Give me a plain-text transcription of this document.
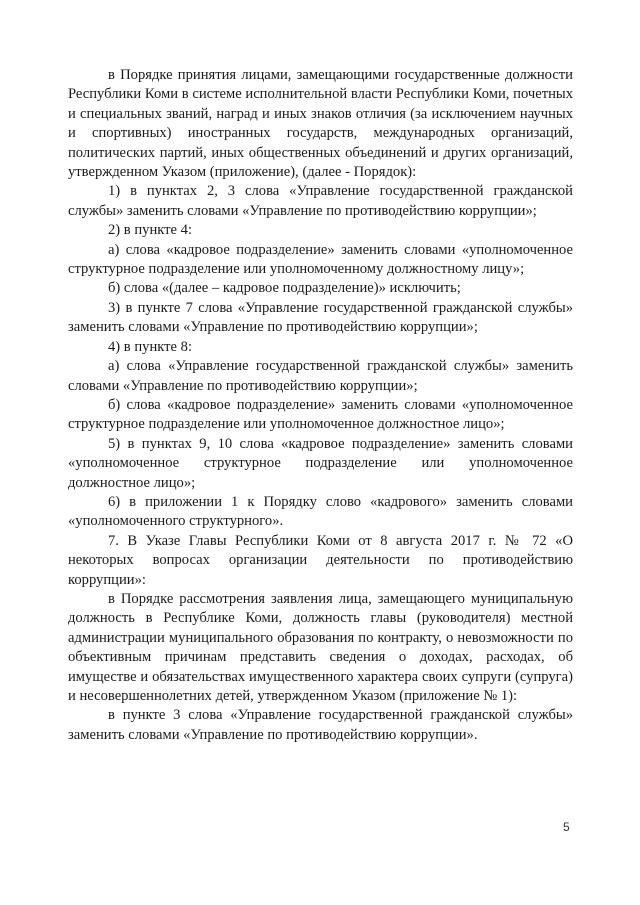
в Порядке принятия лицами, замещающими государственные должности Республики Коми в системе исполнительной власти Республики Коми, почетных и специальных званий, наград и иных знаков отличия (за исключением научных и спортивных) иностранных государств, международных организаций, политических партий, иных общественных объединений и других организаций, утвержденном Указом (приложение), (далее - Порядок):

1) в пунктах 2, 3 слова «Управление государственной гражданской службы» заменить словами «Управление по противодействию коррупции»;

2) в пункте 4:

а) слова «кадровое подразделение» заменить словами «уполномоченное структурное подразделение или уполномоченному должностному лицу»;

б) слова «(далее – кадровое подразделение)» исключить;

3) в пункте 7 слова «Управление государственной гражданской службы» заменить словами «Управление по противодействию коррупции»;

4) в пункте 8:

а) слова «Управление государственной гражданской службы» заменить словами «Управление по противодействию коррупции»;

б) слова «кадровое подразделение» заменить словами «уполномоченное структурное подразделение или уполномоченное должностное лицо»;

5) в пунктах 9, 10 слова «кадровое подразделение» заменить словами «уполномоченное структурное подразделение или уполномоченное должностное лицо»;

6) в приложении 1 к Порядку слово «кадрового» заменить словами «уполномоченного структурного».

7. В Указе Главы Республики Коми от 8 августа 2017 г. № 72 «О некоторых вопросах организации деятельности по противодействию коррупции»:

в Порядке рассмотрения заявления лица, замещающего муниципальную должность в Республике Коми, должность главы (руководителя) местной администрации муниципального образования по контракту, о невозможности по объективным причинам представить сведения о доходах, расходах, об имуществе и обязательствах имущественного характера своих супруги (супруга) и несовершеннолетних детей, утвержденном Указом (приложение № 1):

в пункте 3 слова «Управление государственной гражданской службы» заменить словами «Управление по противодействию коррупции».

5
